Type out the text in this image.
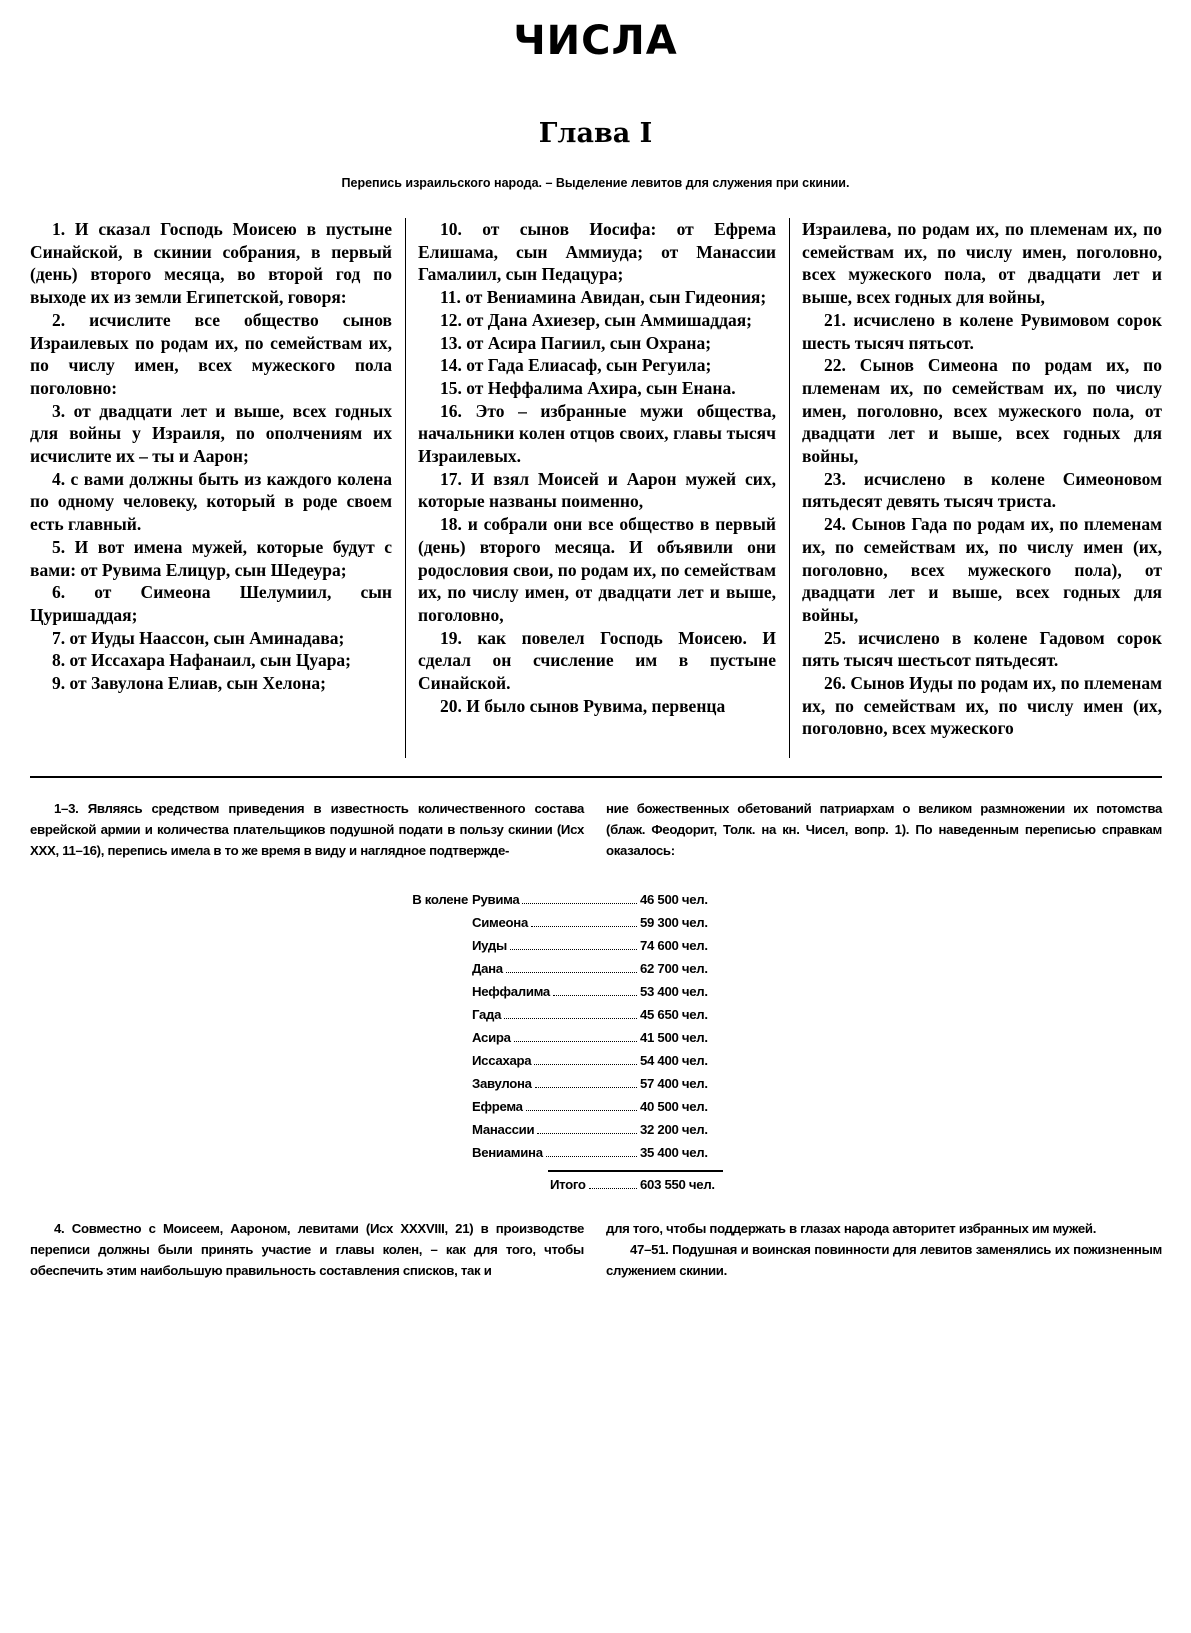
ЧИСЛА
Глава I
Перепись израильского народа. – Выделение левитов для служения при скинии.

1. И сказал Господь Моисею в пустыне Синайской, в скинии собрания, в первый (день) второго месяца, во второй год по выходе их из земли Египетской, говоря:

2. исчислите все общество сынов Израилевых по родам их, по семействам их, по числу имен, всех мужеского пола поголовно:

3. от двадцати лет и выше, всех годных для войны у Израиля, по ополчениям их исчислите их – ты и Аарон;

4. с вами должны быть из каждого колена по одному человеку, который в роде своем есть главный.

5. И вот имена мужей, которые будут с вами: от Рувима Елицур, сын Шедеура;

6. от Симеона Шелумиил, сын Цуришаддая;

7. от Иуды Наассон, сын Аминадава;

8. от Иссахара Нафанаил, сын Цуара;

9. от Завулона Елиав, сын Хелона;

10. от сынов Иосифа: от Ефрема Елишама, сын Аммиуда; от Манассии Гамалиил, сын Педацура;

11. от Вениамина Авидан, сын Гидеония;

12. от Дана Ахиезер, сын Аммишаддая;

13. от Асира Пагиил, сын Охрана;

14. от Гада Елиасаф, сын Регуила;

15. от Неффалима Ахира, сын Енана.

16. Это – избранные мужи общества, начальники колен отцов своих, главы тысяч Израилевых.

17. И взял Моисей и Аарон мужей сих, которые названы поименно,

18. и собрали они все общество в первый (день) второго месяца. И объявили они родословия свои, по родам их, по семействам их, по числу имен, от двадцати лет и выше, поголовно,

19. как повелел Господь Моисею. И сделал он счисление им в пустыне Синайской.

20. И было сынов Рувима, первенца

Израилева, по родам их, по племенам их, по семействам их, по числу имен, поголовно, всех мужеского пола, от двадцати лет и выше, всех годных для войны,

21. исчислено в колене Рувимовом сорок шесть тысяч пятьсот.

22. Сынов Симеона по родам их, по племенам их, по семействам их, по числу имен, поголовно, всех мужеского пола, от двадцати лет и выше, всех годных для войны,

23. исчислено в колене Симеоновом пятьдесят девять тысяч триста.

24. Сынов Гада по родам их, по племенам их, по семействам их, по числу имен (их, поголовно, всех мужеского пола), от двадцати лет и выше, всех годных для войны,

25. исчислено в колене Гадовом сорок пять тысяч шестьсот пятьдесят.

26. Сынов Иуды по родам их, по племенам их, по семействам их, по числу имен (их, поголовно, всех мужеского

1–3. Являясь средством приведения в известность количественного состава еврейской армии и количества плательщиков подушной подати в пользу скинии (Исх XXX, 11–16), перепись имела в то же время в виду и наглядное подтвержде-

ние божественных обетований патриархам о великом размножении их потомства (блаж. Феодорит, Толк. на кн. Чисел, вопр. 1). По наведенным переписью справкам оказалось:

В колене Рувима	46 500 чел.
Симеона	59 300 чел.
Иуды	74 600 чел.
Дана	62 700 чел.
Неффалима	53 400 чел.
Гада	45 650 чел.
Асира	41 500 чел.
Иссахара	54 400 чел.
Завулона	57 400 чел.
Ефрема	40 500 чел.
Манассии	32 200 чел.
Вениамина	35 400 чел.
Итого	603 550 чел.

4. Совместно с Моисеем, Аароном, левитами (Исх XXXVIII, 21) в производстве переписи должны были принять участие и главы колен, – как для того, чтобы обеспечить этим наибольшую правильность составления списков, так и

для того, чтобы поддержать в глазах народа авторитет избранных им мужей.

47–51. Подушная и воинская повинности для левитов заменялись их пожизненным служением скинии.
